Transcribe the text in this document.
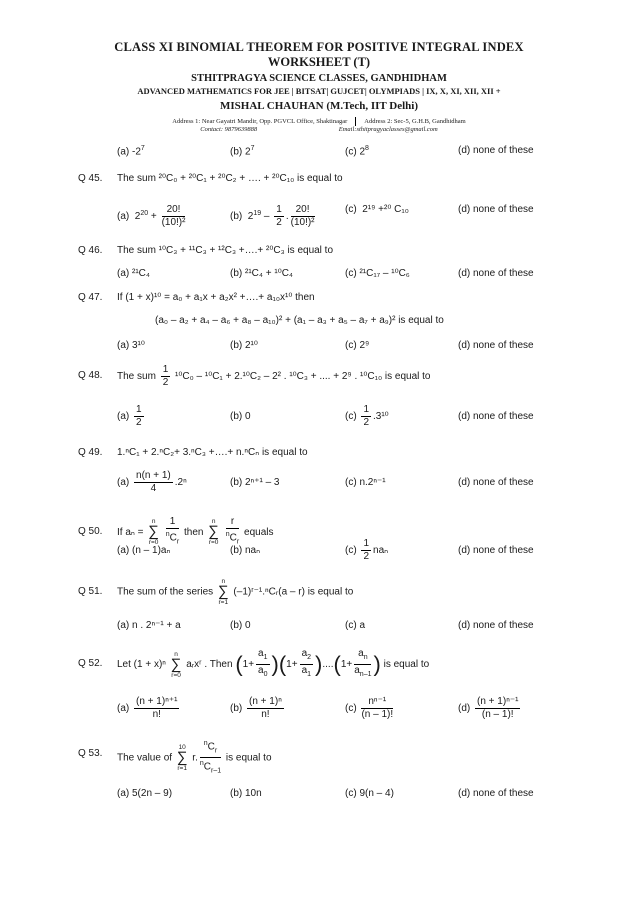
CLASS XI BINOMIAL THEOREM FOR POSITIVE INTEGRAL INDEX
WORKSHEET (T)
STHITPRAGYA SCIENCE CLASSES, GANDHIDHAM
ADVANCED MATHEMATICS FOR JEE | BITSAT| GUJCET| OLYMPIADS | IX, X, XI, XII, XII +
MISHAL CHAUHAN (M.Tech, IIT Delhi)
Address 1: Near Gayatri Mandir, Opp. PGVCL Office, Shaktinagar	Address 2: Sec-5, G.H.B, Gandhidham
Contact: 9879639888	Email:sthitpragyaclasses@gmail.com
(a) $-2^7$	(b) $2^7$	(c) $2^8$	(d) none of these
Q 45. The sum ²⁰C₀ + ²⁰C₁ + ²⁰C₂ + …. + ²⁰C₁₀ is equal to
(a) $2^{20} + \frac{20!}{\text{(10!)²}}$	(b) $2^{19} - \frac{1}{2}$ . $\frac{20!}{\text{(10!)²}}$	(c) 2¹⁹ +²⁰ C₁₀	(d) none of these
Q 46. The sum ¹⁰C₃ + ¹¹C₃ + ¹²C₃ +….+ ²⁰C₃ is equal to
(a) ²¹C₄	(b) ²¹C₄ + ¹⁰C₄	(c) ²¹C₁₇ – ¹⁰C₆	(d) none of these
Q 47. If (1 + x)¹⁰ = a₀ + a₁x + a₂x² +….+ a₁₀x¹⁰ then
(a₀ – a₂ + a₄ – a₆ + a₈ – a₁₀)² + (a₁ – a₃ + a₅ – a₇ + a₉)² is equal to
(a) 3¹⁰	(b) 2¹⁰	(c) 2⁹	(d) none of these
Q 48. The sum $\frac{1}{2} ^{10}C_0 - ^{10}C_1 + 2.^{10}C_2 - 2^2$ . ¹⁰C₃ + .... + 2⁹ . ¹⁰C₁₀ is equal to
$(a) \frac{1}{2}$	(b) 0	$(c) \frac{1}{2} .3^{10}$	(d) none of these
Q 49. 1.ⁿC₁ + 2.ⁿC₂+ 3.ⁿC₃ +….+ n.ⁿCₙ is equal to
$(a) \frac{n(n + 1)}{4} .2^n$	(b) 2ⁿ⁺¹ – 3	(c) n.2ⁿ⁻¹	(d) none of these
Q 50. If aₙ = n
∑
$r=0 \frac{1}{^nC_r}$ then n
∑
$r=0 \frac{r}{^nC_r}$ equals
(a) (n – 1)aₙ	(b) naₙ	$(c) \frac{1}{2}$ naₙ	(d) none of these
Q 51. The sum of the series n
∑
r=1 (–1)ʳ⁻¹.ⁿCᵣ(a – r) is equal to
(a) n . 2ⁿ⁻¹ + a	(b) 0	(c) a	(d) none of these
Q 52. Let (1 + x)ⁿ n
∑
r=0 aᵣxʳ . Then $(1+ \frac{a_1}{a_0} )(1+ \frac{a_2}{a_1} )....(1+ \frac{a_n}{a_{n-1}}$ ) is equal to
$(a) \frac{\text{(n + 1)ⁿ⁺¹}}{n!}$	$(b) \frac{\text{(n + 1)ⁿ}}{n!}$	$(c) \frac{\text{nⁿ⁻¹}}{(n - 1)!}$	$(d) \frac{\text{(n + 1)ⁿ⁻¹}}{(n - 1)!}$
Q 53. The value of 10
∑
r=1 r. $\frac{^nC_r}{^nC_{r-1}}$ is equal to
(a) 5(2n – 9)	(b) 10n	(c) 9(n – 4)	(d) none of these
